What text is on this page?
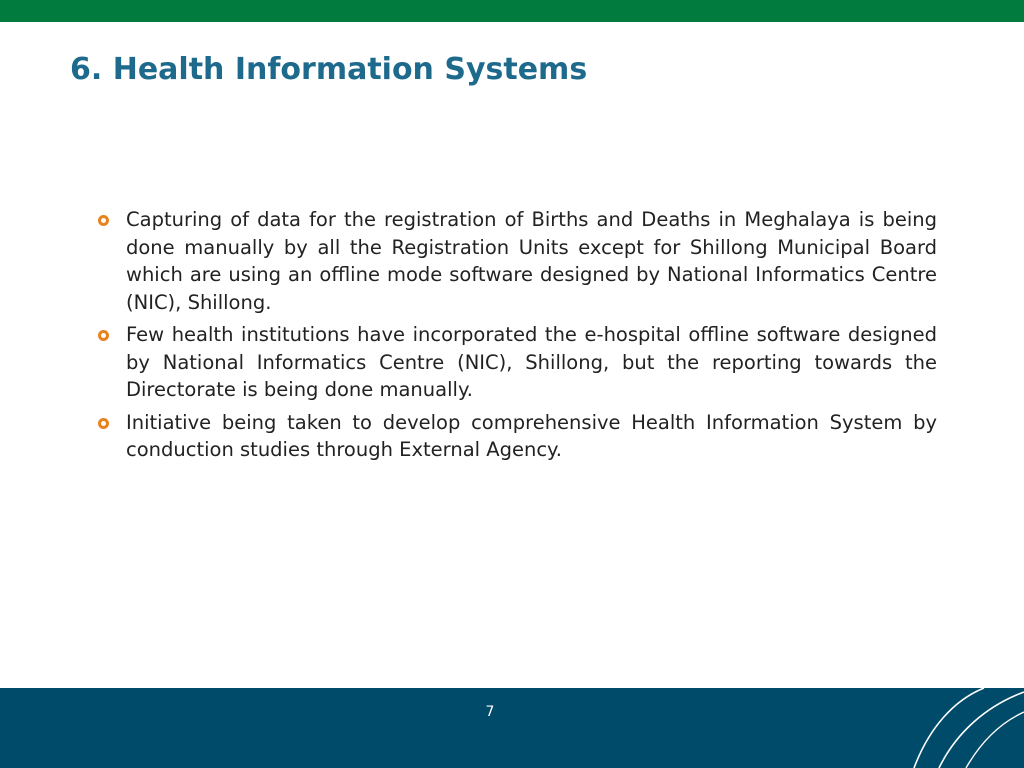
6. Health Information Systems
Capturing of data for the registration of Births and Deaths in Meghalaya is being done manually by all the Registration Units except for Shillong Municipal Board which are using an offline mode software designed by National Informatics Centre (NIC), Shillong.
Few health institutions have incorporated the e-hospital offline software designed by National Informatics Centre (NIC), Shillong, but the reporting towards the Directorate is being done manually.
Initiative being taken to develop comprehensive Health Information System by conduction studies through External Agency.
7
